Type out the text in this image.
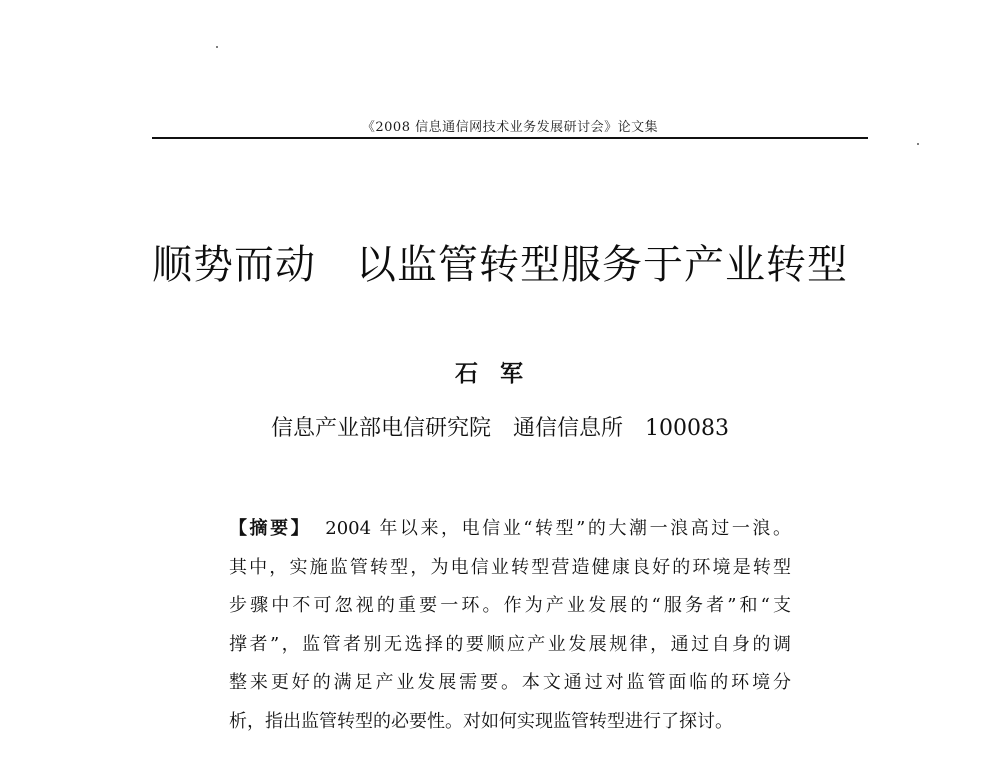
《2008 信息通信网技术业务发展研讨会》论文集
顺势而动 以监管转型服务于产业转型
石军
信息产业部电信研究院 通信信息所 100083
【摘要】 2004 年以来，电信业“转型”的大潮一浪高过一浪。
其中，实施监管转型，为电信业转型营造健康良好的环境是转型
步骤中不可忽视的重要一环。作为产业发展的“服务者”和“支
撑者”，监管者别无选择的要顺应产业发展规律，通过自身的调
整来更好的满足产业发展需要。本文通过对监管面临的环境分
析，指出监管转型的必要性。对如何实现监管转型进行了探讨。
